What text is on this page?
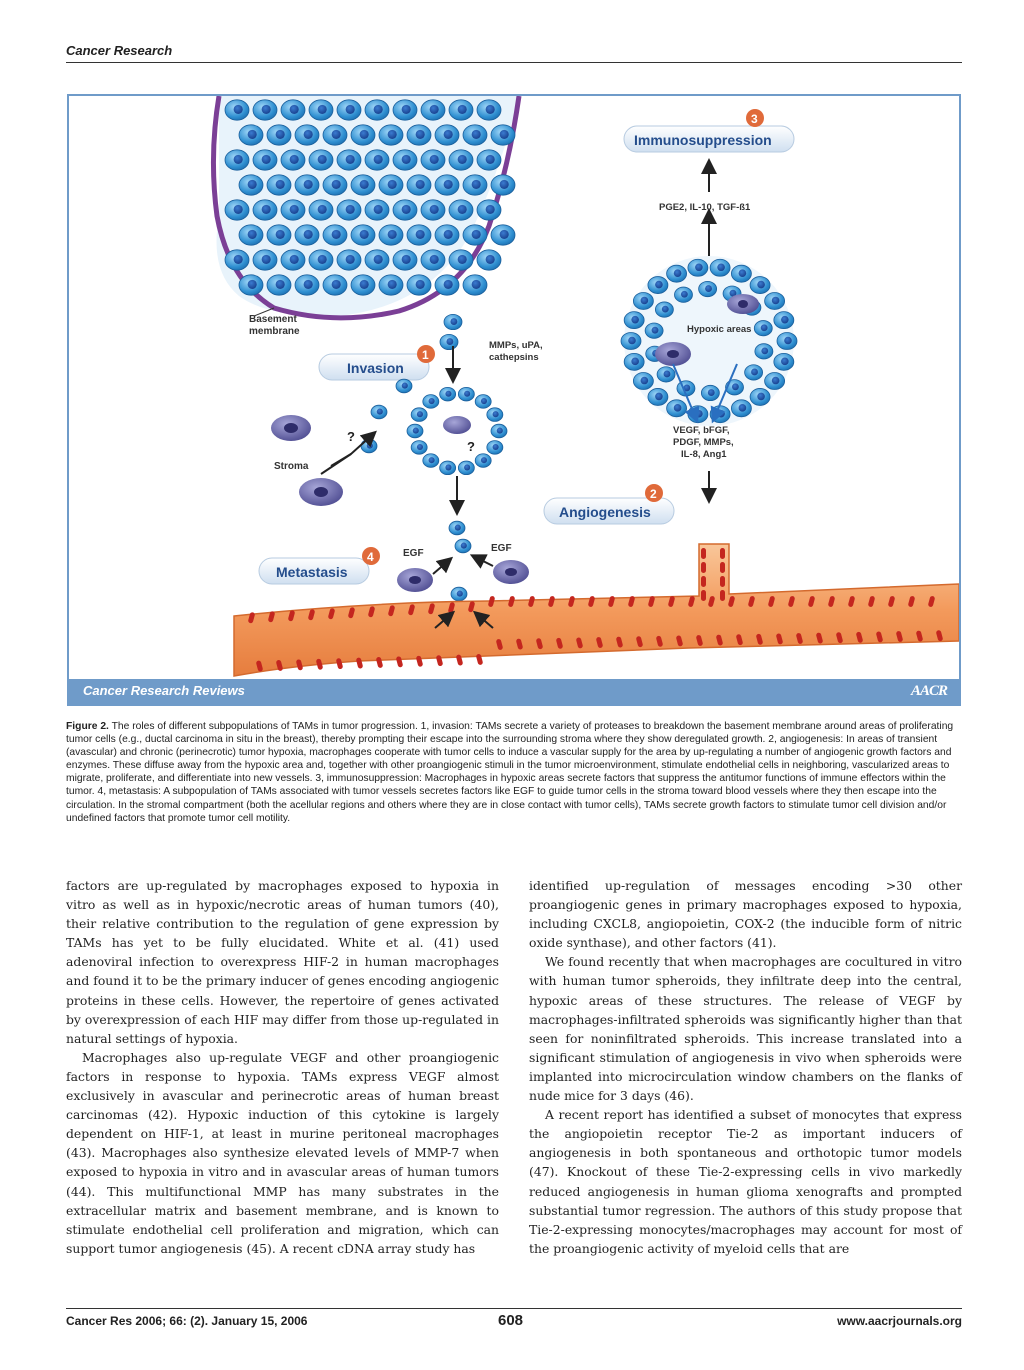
Cancer Research
Basement
membrane
MMPs, uPA,
cathepsins
Invasion
1
Stroma
?
?
Metastasis
4	EGF	EGF
Hypoxic areas
VEGF, bFGF,
PDGF, MMPs,
IL-8, Ang1
Angiogenesis
2
PGE2, IL-10, TGF-ß1
Immunosuppression
3
Cancer Research Reviews	AACR
Figure 2. The roles of different subpopulations of TAMs in tumor progression. 1, invasion: TAMs secrete a variety of proteases to breakdown the basement membrane around areas of proliferating tumor cells (e.g., ductal carcinoma in situ in the breast), thereby prompting their escape into the surrounding stroma where they show deregulated growth. 2, angiogenesis: In areas of transient (avascular) and chronic (perinecrotic) tumor hypoxia, macrophages cooperate with tumor cells to induce a vascular supply for the area by up-regulating a number of angiogenic growth factors and enzymes. These diffuse away from the hypoxic area and, together with other proangiogenic stimuli in the tumor microenvironment, stimulate endothelial cells in neighboring, vascularized areas to migrate, proliferate, and differentiate into new vessels. 3, immunosuppression: Macrophages in hypoxic areas secrete factors that suppress the antitumor functions of immune effectors within the tumor. 4, metastasis: A subpopulation of TAMs associated with tumor vessels secretes factors like EGF to guide tumor cells in the stroma toward blood vessels where they then escape into the circulation. In the stromal compartment (both the acellular regions and others where they are in close contact with tumor cells), TAMs secrete growth factors to stimulate tumor cell division and/or undefined factors that promote tumor cell motility.

factors are up-regulated by macrophages exposed to hypoxia in vitro as well as in hypoxic/necrotic areas of human tumors (40), their relative contribution to the regulation of gene expression by TAMs has yet to be fully elucidated. White et al. (41) used adenoviral infection to overexpress HIF-2 in human macrophages and found it to be the primary inducer of genes encoding angiogenic proteins in these cells. However, the repertoire of genes activated by overexpression of each HIF may differ from those up-regulated in natural settings of hypoxia.

Macrophages also up-regulate VEGF and other proangiogenic factors in response to hypoxia. TAMs express VEGF almost exclusively in avascular and perinecrotic areas of human breast carcinomas (42). Hypoxic induction of this cytokine is largely dependent on HIF-1, at least in murine peritoneal macrophages (43). Macrophages also synthesize elevated levels of MMP-7 when exposed to hypoxia in vitro and in avascular areas of human tumors (44). This multifunctional MMP has many substrates in the extracellular matrix and basement membrane, and is known to stimulate endothelial cell proliferation and migration, which can support tumor angiogenesis (45). A recent cDNA array study has

identified up-regulation of messages encoding >30 other proangiogenic genes in primary macrophages exposed to hypoxia, including CXCL8, angiopoietin, COX-2 (the inducible form of nitric oxide synthase), and other factors (41).

We found recently that when macrophages are cocultured in vitro with human tumor spheroids, they infiltrate deep into the central, hypoxic areas of these structures. The release of VEGF by macrophages-infiltrated spheroids was significantly higher than that seen for noninfiltrated spheroids. This increase translated into a significant stimulation of angiogenesis in vivo when spheroids were implanted into microcirculation window chambers on the flanks of nude mice for 3 days (46).

A recent report has identified a subset of monocytes that express the angiopoietin receptor Tie-2 as important inducers of angiogenesis in both spontaneous and orthotopic tumor models (47). Knockout of these Tie-2-expressing cells in vivo markedly reduced angiogenesis in human glioma xenografts and prompted substantial tumor regression. The authors of this study propose that Tie-2-expressing monocytes/macrophages may account for most of the proangiogenic activity of myeloid cells that are

Cancer Res 2006; 66: (2). January 15, 2006	608	www.aacrjournals.org
